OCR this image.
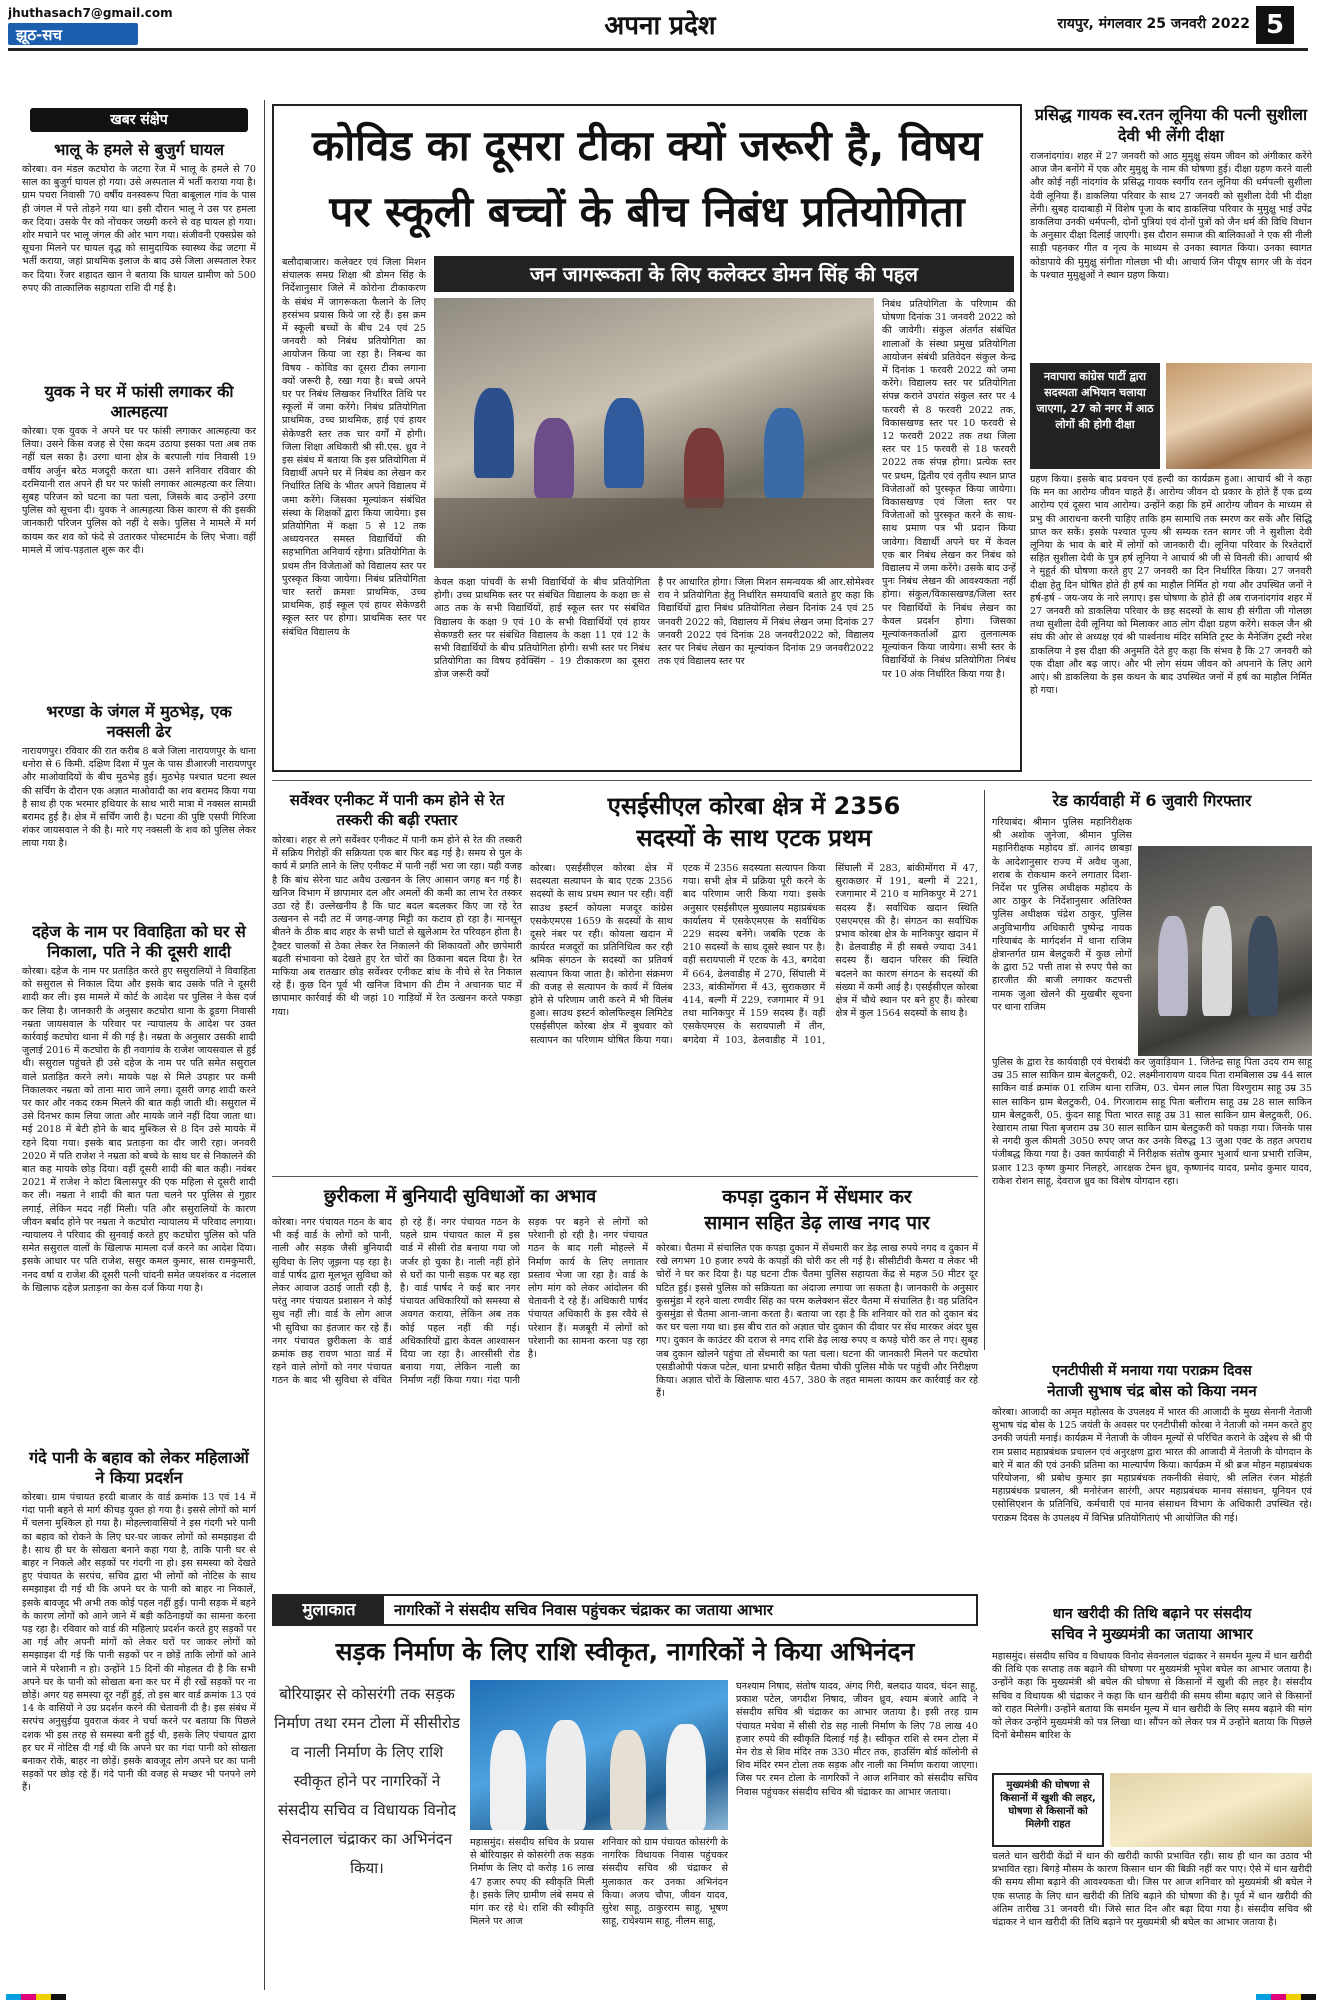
jhuthasach7@gmail.com
झूठ-सच	अपना प्रदेश	रायपुर, मंगलवार 25 जनवरी 2022 5
खबर संक्षेप
भालू के हमले से बुजुर्ग घायल
कोरबा। वन मंडल कटघोरा के जटगा रेंज में भालू के हमले से 70 साल का बुजुर्ग घायल हो गया। उसे अस्पताल में भर्ती कराया गया है। ग्राम पचरा निवासी 70 वर्षीय वनस्वरूप पिता बाबूलाल गांव के पास ही जंगल में पत्ते तोड़ने गया था। इसी दौरान भालू ने उस पर हमला कर दिया। उसके पैर को नोंचकर जख्मी करने से वह घायल हो गया। शोर मचाने पर भालू जंगल की ओर भाग गया। संजीवनी एक्सप्रेस को सूचना मिलने पर घायल वृद्ध को सामुदायिक स्वास्थ्य केंद्र जटगा में भर्ती कराया, जहां प्राथमिक इलाज के बाद उसे जिला अस्पताल रेफर कर दिया। रेंजर शहादत खान ने बताया कि घायल ग्रामीण को 500 रुपए की तात्कालिक सहायता राशि दी गई है।
युवक ने घर में फांसी लगाकर की आत्महत्या
कोरबा। एक युवक ने अपने घर पर फांसी लगाकर आत्महत्या कर लिया। उसने किस वजह से ऐसा कदम उठाया इसका पता अब तक नहीं चल सका है। उरगा थाना क्षेत्र के बरपाली गांव निवासी 19 वर्षीय अर्जुन बरेठ मजदूरी करता था। उसने शनिवार रविवार की दरमियानी रात अपने ही घर पर फांसी लगाकर आत्महत्या कर लिया। सुबह परिजन को घटना का पता चला, जिसके बाद उन्होंने उरगा पुलिस को सूचना दी। युवक ने आत्महत्या किस कारण से की इसकी जानकारी परिजन पुलिस को नहीं दे सके। पुलिस ने मामले में मर्ग कायम कर शव को फंदे से उतारकर पोस्टमार्टम के लिए भेजा। वहीं मामले में जांच-पड़ताल शुरू कर दी।
भरण्डा के जंगल में मुठभेड़, एक नक्सली ढेर
नारायणपुर। रविवार की रात करीब 8 बजे जिला नारायणपुर के थाना धनोरा से 6 किमी. दक्षिण दिशा में पुल के पास डीआरजी नारायणपुर और माओवादियों के बीच मुठभेड़ हुई। मुठभेड़ पश्चात घटना स्थल की सर्चिंग के दौरान एक अज्ञात माओवादी का शव बरामद किया गया है साथ ही एक भरमार हथियार के साथ भारी मात्रा में नक्सल सामग्री बरामद हुई है। क्षेत्र में सर्चिंग जारी है। घटना की पुष्टि एसपी गिरिजा शंकर जायसवाल ने की है। मारे गए नक्सली के शव को पुलिस लेकर लाया गया है।
दहेज के नाम पर विवाहिता को घर से निकाला, पति ने की दूसरी शादी
कोरबा। दहेज के नाम पर प्रताड़ित करते हुए ससुरालियों ने विवाहिता को ससुराल से निकाल दिया और इसके बाद उसके पति ने दूसरी शादी कर ली। इस मामले में कोर्ट के आदेश पर पुलिस ने केस दर्ज कर लिया है। जानकारी के अनुसार कटघोरा थाना के डूडगा निवासी नम्रता जायसवाल के परिवार पर न्यायालय के आदेश पर उक्त कार्रवाई कटघोरा थाना में की गई है। नम्रता के अनुसार उसकी शादी जुलाई 2016 में कटघोरा के ही नवागांव के राजेश जायसवाल से हुई थी। ससुराल पहुंचते ही उसे दहेज के नाम पर पति समेत ससुराल वाले प्रताड़ित करने लगे। मायके पक्ष से मिले उपहार पर कमी निकालकर नम्रता को ताना मारा जाने लगा। दूसरी जगह शादी करने पर कार और नकद रकम मिलने की बात कही जाती थी। ससुराल में उसे दिनभर काम लिया जाता और मायके जाने नहीं दिया जाता था। मई 2018 में बेटी होने के बाद मुश्किल से 8 दिन उसे मायके में रहने दिया गया। इसके बाद प्रताड़ना का दौर जारी रहा। जनवरी 2020 में पति राजेश ने नम्रता को बच्चे के साथ घर से निकालने की बात कह मायके छोड़ दिया। वहीं दूसरी शादी की बात कही। नवंबर 2021 में राजेश ने कोटा बिलासपुर की एक महिला से दूसरी शादी कर ली। नम्रता ने शादी की बात पता चलने पर पुलिस से गुहार लगाई, लेकिन मदद नहीं मिली। पति और ससुरालियों के कारण जीवन बर्बाद होने पर नम्रता ने कटघोरा न्यायालय में परिवाद लगाया। न्यायालय ने परिवाद की सुनवाई करते हुए कटघोरा पुलिस को पति समेत ससुराल वालों के खिलाफ मामला दर्ज करने का आदेश दिया। इसके आधार पर पति राजेश, ससुर कमल कुमार, सास रामकुमारी, ननद वर्षा व राजेश की दूसरी पत्नी चांदनी समेत जयशंकर व नंदलाल के खिलाफ दहेज प्रताड़ना का केस दर्ज किया गया है।
गंदे पानी के बहाव को लेकर महिलाओं ने किया प्रदर्शन
कोरबा। ग्राम पंचायत हरदी बाजार के वार्ड क्रमांक 13 एवं 14 में गंदा पानी बहने से मार्ग कीचड़ युक्त हो गया है। इससे लोगों को मार्ग में चलना मुश्किल हो गया है। मोहल्लावासियों ने इस गंदगी भरे पानी का बहाव को रोकने के लिए घर-घर जाकर लोगों को समझाइश दी है। साथ ही घर के सोखता बनाने कहा गया है, ताकि पानी घर से बाहर न निकले और सड़कों पर गंदगी ना हो। इस समस्या को देखते हुए पंचायत के सरपंच, सचिव द्वारा भी लोगों को नोटिस के साथ समझाइश दी गई थी कि अपने घर के पानी को बाहर ना निकालें, इसके बावजूद भी अभी तक कोई पहल नहीं हुई। पानी सड़क में बहने के कारण लोगों को आने जाने में बड़ी कठिनाइयों का सामना करना पड़ रहा है। रविवार को वार्ड की महिलाएं प्रदर्शन करते हुए सड़कों पर आ गई और अपनी मांगों को लेकर घरों पर जाकर लोगों को समझाइश दी गई कि पानी सड़कों पर न छोड़ें ताकि लोगों को आने जाने में परेशानी न हो। उन्होंने 15 दिनों की मोहलत दी है कि सभी अपने घर के पानी को सोखता बना कर घर में ही रखें सड़कों पर ना छोड़ें। अगर यह समस्या दूर नहीं हुई, तो इस बार वार्ड क्रमांक 13 एवं 14 के वासियों ने उग्र प्रदर्शन करने की चेतावनी दी है। इस संबंध में सरपंच अनुसुईया युवराज कंवर ने चर्चा करने पर बताया कि पिछले दशक भी इस तरह से समस्या बनी हुई थी, इसके लिए पंचायत द्वारा हर घर में नोटिस दी गई थी कि अपने घर का गंदा पानी को सोखता बनाकर रोकें, बाहर ना छोड़ें। इसके बावजूद लोग अपने घर का पानी सड़कों पर छोड़ रहे हैं। गंदे पानी की वजह से मच्छर भी पनपने लगे हैं।
कोविड का दूसरा टीका क्यों जरूरी है, विषय
पर स्कूली बच्चों के बीच निबंध प्रतियोगिता
बलौदाबाजार। कलेक्टर एवं जिला मिशन संचालक समग्र शिक्षा श्री डोमन सिंह के निर्देशानुसार जिले में कोरोना टीकाकरण के संबंध में जागरूकता फैलाने के लिए हरसंभव प्रयास किये जा रहे हैं। इस क्रम में स्कूली बच्चों के बीच 24 एवं 25 जनवरी को निबंध प्रतियोगिता का आयोजन किया जा रहा है। निबन्ध का विषय - कोविड का दूसरा टीका लगाना क्यों जरूरी है, रखा गया है। बच्चे अपने घर पर निबंध लिखकर निर्धारित तिथि पर स्कूलों में जमा करेंगे। निबंध प्रतियोगिता प्राथमिक, उच्च प्राथमिक, हाई एवं हायर सेकेण्डरी स्तर तक चार वर्गों में होगी। जिला शिक्षा अधिकारी श्री सी.एस. ध्रुव ने इस संबंध में बताया कि इस प्रतियोगिता में विद्यार्थी अपने घर में निबंध का लेखन कर निर्धारित तिथि के भीतर अपने विद्यालय में जमा करेंगे। जिसका मूल्यांकन संबंधित संस्था के शिक्षकों द्वारा किया जायेगा। इस प्रतियोगिता में कक्षा 5 से 12 तक अध्ययनरत समस्त विद्यार्थियों की सहभागिता अनिवार्य रहेगा। प्रतियोगिता के प्रथम तीन विजेताओं को विद्यालय स्तर पर पुरस्कृत किया जायेगा। निबंध प्रतियोगिता चार स्तरों क्रमशः प्राथमिक, उच्च प्राथमिक, हाई स्कूल एवं हायर सेकेण्डरी स्कूल स्तर पर होगा। प्राथमिक स्तर पर संबंधित विद्यालय के
जन जागरूकता के लिए कलेक्टर डोमन सिंह की पहल
निबंध प्रतियोगिता के परिणाम की घोषणा दिनांक 31 जनवरी 2022 को की जावेगी। संकुल अंतर्गत संबंधित शालाओं के संस्था प्रमुख प्रतियोगिता आयोजन संबंधी प्रतिवेदन संकुल केन्द्र में दिनांक 1 फरवरी 2022 को जमा करेंगे। विद्यालय स्तर पर प्रतियोगिता संपन्न कराने उपरांत संकुल स्तर पर 4 फरवरी से 8 फरवरी 2022 तक, विकासखण्ड स्तर पर 10 फरवरी से 12 फरवरी 2022 तक तथा जिला स्तर पर 15 फरवरी से 18 फरवरी 2022 तक संपन्न होगा। प्रत्येक स्तर पर प्रथम, द्वितीय एवं तृतीय स्थान प्राप्त विजेताओं को पुरस्कृत किया जायेगा। विकासखण्ड एवं जिला स्तर पर विजेताओं को पुरस्कृत करने के साथ-साथ प्रमाण पत्र भी प्रदान किया जावेगा। विद्यार्थी अपने घर में केवल एक बार निबंध लेखन कर निबंध को विद्यालय में जमा करेंगे। उसके बाद उन्हें पुनः निबंध लेखन की आवश्यकता नहीं होगा। संकुल/विकासखण्ड/जिला स्तर पर विद्यार्थियों के निबंध लेखन का केवल प्रदर्शन होगा। जिसका मूल्यांकनकर्ताओं द्वारा तुलनात्मक मूल्यांकन किया जायेगा। सभी स्तर के विद्यार्थियों के निबंध प्रतियोगिता निबंध पर 10 अंक निर्धारित किया गया है।
केवल कक्षा पांचवीं के सभी विद्यार्थियों के बीच प्रतियोगिता होगी। उच्च प्राथमिक स्तर पर संबंधित विद्यालय के कक्षा छः से आठ तक के सभी विद्यार्थियों, हाई स्कूल स्तर पर संबंधित विद्यालय के कक्षा 9 एवं 10 के सभी विद्यार्थियों एवं हायर सेकण्डरी स्तर पर संबंधित विद्यालय के कक्षा 11 एवं 12 के सभी विद्यार्थियों के बीच प्रतियोगिता होगी। सभी स्तर पर निबंध प्रतियोगिता का विषय हवेक्सिंग - 19 टीकाकरण का दूसरा डोज जरूरी क्यों
है पर आधारित होगा। जिला मिशन समन्वयक श्री आर.सोमेश्वर राव ने प्रतियोगिता हेतु निर्धारित समयावधि बताते हुए कहा कि विद्यार्थियों द्वारा निबंध प्रतियोगिता लेखन दिनांक 24 एवं 25 जनवरी 2022 को, विद्यालय में निबंध लेखन जमा दिनांक 27 जनवरी 2022 एवं दिनांक 28 जनवरी2022 को, विद्यालय स्तर पर निबंध लेखन का मूल्यांकन दिनांक 29 जनवरी2022 तक एवं विद्यालय स्तर पर
प्रसिद्ध गायक स्व.रतन लूनिया की पत्नी सुशीला देवी भी लेंगी दीक्षा
राजनांदगांव। शहर में 27 जनवरी को आठ मुमुक्षु संयम जीवन को अंगीकार करेंगे आज जैन बनोंगे में एक और मुमुक्षु के नाम की घोषणा हुई। दीक्षा ग्रहण करने वाली और कोई नहीं नांदगांव के प्रसिद्ध गायक स्वर्गीय रतन लूनिया की धर्मपत्नी सुशीला देवी लूनिया हैं। डाकलिया परिवार के साथ 27 जनवरी को सुशीला देवी भी दीक्षा लेंगी। सुबह दादाबाड़ी में विशेष पूजा के बाद डाकलिया परिवार के मुमुक्षु भाई उपेंद्र डाकलिया उनकी धर्मपत्नी, दोनों पुत्रियां एवं दोनों पुत्रों को जैन धर्म की विधि विधान के अनुसार दीक्षा दिलाई जाएगी। इस दौरान समाज की बालिकाओं ने एक सी नीली साड़ी पहनकर गीत व नृत्य के माध्यम से उनका स्वागत किया। उनका स्वागत कोडापाये की मुमुक्षु संगीता गोलछा भी थी। आचार्य जिन पीयूष सागर जी के वंदन के पश्चात मुमुक्षुओं ने स्थान ग्रहण किया।
नवापारा कांग्रेस पार्टी द्वारा सदस्यता अभियान चलाया जाएगा, 27 को नगर में आठ लोगों की होगी दीक्षा
ग्रहण किया। इसके बाद प्रवचन एवं हल्दी का कार्यक्रम हुआ। आचार्य श्री ने कहा कि मन का आरोग्य जीवन चाहते हैं। आरोग्य जीवन दो प्रकार के होते हैं एक द्रव्य आरोग्य एवं दूसरा भाव आरोग्य। उन्होंने कहा कि हमें आरोग्य जीवन के माध्यम से प्रभु की आराधना करनी चाहिए ताकि हम सामाधि तक स्मरण कर सकें और सिद्धि प्राप्त कर सकें। इसके पश्चात पूज्य श्री सम्यक रतन सागर जी ने सुशीला देवी लूनिया के भाव के बारे में लोगों को जानकारी दी। लूनिया परिवार के रिश्तेदारों सहित सुशीला देवी के पुत्र हर्ष लूनिया ने आचार्य श्री जी से विनती की। आचार्य श्री ने मुहूर्त की घोषणा करते हुए 27 जनवरी का दिन निर्धारित किया। 27 जनवरी दीक्षा हेतु दिन घोषित होते ही हर्ष का माहौल निर्मित हो गया और उपस्थित जनों ने हर्ष-हर्ष - जय-जय के नारे लगाए। इस घोषणा के होते ही अब राजनांदगांव शहर में 27 जनवरी को डाकलिया परिवार के छह सदस्यों के साथ ही संगीता जी गोलछा तथा सुशीला देवी लूनिया को मिलाकर आठ लोग दीक्षा ग्रहण करेंगे। सकल जैन श्री संघ की ओर से अध्यक्ष एवं श्री पार्श्वनाथ मंदिर समिति ट्रस्ट के मैनेजिंग ट्रस्टी नरेश डाकलिया ने इस दीक्षा की अनुमति देते हुए कहा कि संभव है कि 27 जनवरी को एक दीक्षा और बढ़ जाए। और भी लोग संयम जीवन को अपनाने के लिए आगे आएं। श्री डाकलिया के इस कथन के बाद उपस्थित जनों में हर्ष का माहौल निर्मित हो गया।
सर्वेश्वर एनीकट में पानी कम होने से रेत तस्करी की बढ़ी रफ्तार
कोरबा। शहर से लगे सर्वेश्वर एनीकट में पानी कम होने से रेत की तस्करी में सक्रिय गिरोहों की सक्रियता एक बार फिर बढ़ गई है। समय से पुल के कार्य में प्रगति लाने के लिए एनीकट में पानी नहीं भरा जा रहा। यही वजह है कि बांध सेरेना घाट अवैध उत्खनन के लिए आसान जगह बन गई है। खनिज विभाग में छापामार दल और अमलों की कमी का लाभ रेत तस्कर उठा रहे हैं। उल्लेखनीय है कि घाट बदल बदलकर किए जा रहे रेत उत्खनन से नदी तट में जगह-जगह मिट्टी का कटाव हो रहा है। मानसून बीतने के ठीक बाद शहर के सभी घाटों से खुलेआम रेत परिवहन होता है। ट्रैक्टर चालकों से ठेका लेकर रेत निकालने की शिकायतों और छापेमारी बढ़ती संभावना को देखते हुए रेत चोरों का ठिकाना बदल दिया है। रेत माफिया अब रातखार छोड़ सर्वेश्वर एनीकट बांध के नीचे से रेत निकाल रहे हैं। कुछ दिन पूर्व भी खनिज विभाग की टीम ने अचानक घाट में छापामार कार्रवाई की थी जहां 10 गाड़ियों में रेत उत्खनन करते पकड़ा गया।
एसईसीएल कोरबा क्षेत्र में 2356
सदस्यों के साथ एटक प्रथम
कोरबा। एसईसीएल कोरबा क्षेत्र में सदस्यता सत्यापन के बाद एटक 2356 सदस्यों के साथ प्रथम स्थान पर रही। वहीं साउथ इस्टर्न कोयला मजदूर कांग्रेस एसकेएमएस 1659 के सदस्यों के साथ दूसरे नंबर पर रही। कोयला खदान में कार्यरत मजदूरों का प्रतिनिधित्व कर रही श्रमिक संगठन के सदस्यों का प्रतिवर्ष सत्यापन किया जाता है। कोरोना संक्रमण की वजह से सत्यापन के कार्य में विलंब होने से परिणाम जारी करने में भी विलंब हुआ। साउथ इस्टर्न कोलफिल्ड्स लिमिटेड एसईसीएल कोरबा क्षेत्र में बुधवार को सत्यापन का परिणाम घोषित किया गया। एटक में 2356 सदस्यता सत्यापन किया गया। सभी क्षेत्र में प्रक्रिया पूरी करने के बाद परिणाम जारी किया गया। इसके अनुसार एसईसीएल मुख्यालय महाप्रबंधक कार्यालय में एसकेएमएस के सर्वाधिक 229 सदस्य बनेंगे। जबकि एटक के 210 सदस्यों के साथ दूसरे स्थान पर है। वहीं सरायपाली में एटक के 43, बगदेवा में 664, ढेलवाडीह में 270, सिंघाली में 233, बांकीमोंगरा में 43, सुराकछार में 414, बल्गी में 229, रजगामार में 91 तथा मानिकपुर में 159 सदस्य हैं। वहीं एसकेएमएस के सरायपाली में तीन, बगदेवा में 103, ढेलवाडीह में 101, सिंघाली में 283, बांकीमोंगरा में 47, सुराकछार में 191, बल्गी में 221, रजगामार में 210 व मानिकपुर में 271 सदस्य हैं। सर्वाधिक खदान स्थिति एसएमएस की है। संगठन का सर्वाधिक प्रभाव कोरबा क्षेत्र के मानिकपुर खदान में है। ढेलवाडीह में ही सबसे ज्यादा 341 सदस्य हैं। खदान परिसर की स्थिति बदलने का कारण संगठन के सदस्यों की संख्या में कमी आई है। एसईसीएल कोरबा क्षेत्र में चौथे स्थान पर बने हुए हैं। कोरबा क्षेत्र में कुल 1564 सदस्यों के साथ है।
रेड कार्यवाही में 6 जुवारी गिरफ्तार
गरियाबंद। श्रीमान पुलिस महानिरीक्षक श्री अशोक जुनेजा, श्रीमान पुलिस महानिरीक्षक महोदय डॉ. आनंद छाबड़ा के आदेशानुसार राज्य में अवैध जुआ, शराब के रोकथाम करने लगातार दिशा-निर्देश पर पुलिस अधीक्षक महोदय के आर ठाकुर के निर्देशानुसार अतिरिक्त पुलिस अधीक्षक चंद्रेश ठाकुर, पुलिस अनुविभागीय अधिकारी पुष्पेन्द्र नायक गरियाबंद के मार्गदर्शन में थाना राजिम क्षेत्रान्तर्गत ग्राम बेलटुकरी में कुछ लोगों के द्वारा 52 पत्ती ताश से रुपए पैसे का हारजीत की बाजी लगाकर कटपत्ती नामक जुआ खेलने की मुखबीर सूचना पर थाना राजिम
पुलिस के द्वारा रेड कार्यवाही एवं घेराबंदी कर जुवाड़ियान 1. जितेन्द्र साहू पिता उदय राम साहू उम्र 35 साल साकिन ग्राम बेलटुकरी, 02. लक्ष्मीनारायण यादव पिता रामबिलास उम्र 44 साल साकिन वार्ड क्रमांक 01 राजिम थाना राजिम, 03. चेमन लाल पिता विश्णुराम साहू उम्र 35 साल साकिन ग्राम बेलटुकरी, 04. गिरजाराम साहू पिता बलीराम साहू उम्र 28 साल साकिन ग्राम बेलटुकरी, 05. कुंदन साहू पिता भारत साहू उम्र 31 साल साकिन ग्राम बेलटुकरी, 06. रेखाराम ताम्रा पिता बृजराम उम्र 30 साल साकिन ग्राम बेलटुकरी को पकड़ा गया। जिनके पास से नगदी कुल कीमती 3050 रुपए जप्त कर उनके विरुद्ध 13 जुआ एक्ट के तहत अपराध पंजीबद्ध किया गया है। उक्त कार्यवाही में निरीक्षक संतोष कुमार भुआर्य थाना प्रभारी राजिम, प्रआर 123 कृष्ण कुमार निलहरे, आरक्षक टेमन ध्रुव, कृष्णानंद यादव, प्रमोद कुमार यादव, राकेश रोशन साहू, देवराज ध्रुव का विशेष योगदान रहा।
छुरीकला में बुनियादी सुविधाओं का अभाव
कोरबा। नगर पंचायत गठन के बाद भी कई वार्ड के लोगों को पानी, नाली और सड़क जैसी बुनियादी सुविधा के लिए जूझना पड़ रहा है। वार्ड पार्षद द्वारा मूलभूत सुविधा को लेकर आवाज उठाई जाती रही है, परंतु नगर पंचायत प्रशासन ने कोई सुध नहीं ली। वार्ड के लोग आज भी सुविधा का इंतजार कर रहे हैं। नगर पंचायत छुरीकला के वार्ड क्रमांक छह रावण भाठा वार्ड में रहने वाले लोगों को नगर पंचायत गठन के बाद भी सुविधा से वंचित हो रहे हैं। नगर पंचायत गठन के पहले ग्राम पंचायत काल में इस वार्ड में सीसी रोड बनाया गया जो जर्जर हो चुका है। नाली नहीं होने से घरों का पानी सड़क पर बह रहा है। वार्ड पार्षद ने कई बार नगर पंचायत अधिकारियों को समस्या से अवगत कराया, लेकिन अब तक कोई पहल नहीं की गई। अधिकारियों द्वारा केवल आश्वासन दिया जा रहा है। आरसीसी रोड बनाया गया, लेकिन नाली का निर्माण नहीं किया गया। गंदा पानी सड़क पर बहने से लोगों को परेशानी हो रही है। नगर पंचायत गठन के बाद गली मोहल्ले में निर्माण कार्य के लिए लगातार प्रस्ताव भेजा जा रहा है। वार्ड के लोग मांग को लेकर आंदोलन की चेतावनी दे रहे हैं। अधिकारी पार्षद पंचायत अधिकारी के इस रवैये से परेशान हैं। मजबूरी में लोगों को परेशानी का सामना करना पड़ रहा है।
कपड़ा दुकान में सेंधमार कर
सामान सहित डेढ़ लाख नगद पार
कोरबा। चैतमा में संचालित एक कपड़ा दुकान में सेंधमारी कर डेढ़ लाख रुपये नगद व दुकान में रखे लगभग 10 हजार रुपये के कपड़ों की चोरी कर ली गई है। सीसीटीवी कैमरा व लेकर भी चोरों ने घर कर दिया है। यह घटना टीक चैतमा पुलिस सहायता केंद्र से महज 50 मीटर दूर घटित हुई। इससे पुलिस को सक्रियता का अंदाजा लगाया जा सकता है। जानकारी के अनुसार कुसमुंडा में रहने वाला रणवीर सिंह का परम कलेक्शन सेंटर चैतमा में संचालित है। वह प्रतिदिन कुसमुंडा से चैतमा आना-जाना करता है। बताया जा रहा है कि शनिवार को रात को दुकान बंद कर घर चला गया था। इस बीच रात को अज्ञात चोर दुकान की दीवार पर सेंध मारकर अंदर घुस गए। दुकान के काउंटर की दराज से नगद राशि डेढ़ लाख रुपए व कपड़े चोरी कर ले गए। सुबह जब दुकान खोलने पहुंचा तो सेंधमारी का पता चला। घटना की जानकारी मिलने पर कटघोरा एसडीओपी पंकज पटेल, थाना प्रभारी सहित चैतमा चौकी पुलिस मौके पर पहुंची और निरीक्षण किया। अज्ञात चोरों के खिलाफ धारा 457, 380 के तहत मामला कायम कर कार्रवाई कर रहे हैं।
एनटीपीसी में मनाया गया पराक्रम दिवस
नेताजी सुभाष चंद्र बोस को किया नमन
कोरबा। आजादी का अमृत महोत्सव के उपलक्ष्य में भारत की आजादी के मुख्य सेनानी नेताजी सुभाष चंद्र बोस के 125 जयंती के अवसर पर एनटीपीसी कोरबा ने नेताजी को नमन करते हुए उनकी जयंती मनाई। कार्यक्रम में नेताजी के जीवन मूल्यों से परिचित कराने के उद्देश्य से श्री पी राम प्रसाद महाप्रबंधक प्रचालन एवं अनुरक्षण द्वारा भारत की आजादी में नेताजी के योगदान के बारे में बात की एवं उनकी प्रतिमा का माल्यार्पण किया। कार्यक्रम में श्री ब्रज मोहन महाप्रबंधक परियोजना, श्री प्रबोध कुमार झा महाप्रबंधक तकनीकी सेवाएं, श्री ललित रंजन मोहंती महाप्रबंधक प्रचालन, श्री मनोरंजन सारंगी, अपर महाप्रबंधक मानव संसाधन, यूनियन एवं एसोसिएशन के प्रतिनिधि, कर्मचारी एवं मानव संसाधन विभाग के अधिकारी उपस्थित रहे। पराक्रम दिवस के उपलक्ष्य में विभिन्न प्रतियोगिताएं भी आयोजित की गई।
धान खरीदी की तिथि बढ़ाने पर संसदीय
सचिव ने मुख्यमंत्री का जताया आभार
महासमुंद। संसदीय सचिव व विधायक विनोद सेवनलाल चंद्राकर ने समर्थन मूल्य में धान खरीदी की तिथि एक सप्ताह तक बढ़ाने की घोषणा पर मुख्यमंत्री भूपेश बघेल का आभार जताया है। उन्होंने कहा कि मुख्यमंत्री श्री बघेल की घोषणा से किसानों में खुशी की लहर है। संसदीय सचिव व विधायक श्री चंद्राकर ने कहा कि धान खरीदी की समय सीमा बढ़ाए जाने से किसानों को राहत मिलेगी। उन्होंने बताया कि समर्थन मूल्य में धान खरीदी के लिए समय बढ़ाने की मांग को लेकर उन्होंने मुख्यमंत्री को पत्र लिखा था। सौंपन को लेकर पत्र में उन्होंने बताया कि पिछले दिनों बेमौसम बारिश के
मुख्यमंत्री की घोषणा से किसानों में खुशी की लहर, घोषणा से किसानों को मिलेगी राहत
चलते धान खरीदी केंद्रों में धान की खरीदी काफी प्रभावित रही। साथ ही धान का उठाव भी प्रभावित रहा। बिगड़े मौसम के कारण किसान धान की बिक्री नहीं कर पाए। ऐसे में धान खरीदी की समय सीमा बढ़ाने की आवश्यकता थी। जिस पर आज शनिवार को मुख्यमंत्री श्री बघेल ने एक सप्ताह के लिए धान खरीदी की तिथि बढ़ाने की घोषणा की है। पूर्व में धान खरीदी की अंतिम तारीख 31 जनवरी थी। जिसे सात दिन और बढ़ा दिया गया है। संसदीय सचिव श्री चंद्राकर ने धान खरीदी की तिथि बढ़ाने पर मुख्यमंत्री श्री बघेल का आभार जताया है।
मुलाकात	नागरिकों ने संसदीय सचिव निवास पहुंचकर चंद्राकर का जताया आभार
सड़क निर्माण के लिए राशि स्वीकृत, नागरिकों ने किया अभिनंदन
बोरियाझर से कोसरंगी तक सड़क निर्माण तथा रमन टोला में सीसीरोड व नाली निर्माण के लिए राशि स्वीकृत होने पर नागरिकों ने संसदीय सचिव व विधायक विनोद सेवनलाल चंद्राकर का अभिनंदन किया।
महासमुंद। संसदीय सचिव के प्रयास से बोरियाझर से कोसरंगी तक सड़क निर्माण के लिए दो करोड़ 16 लाख 47 हजार रुपए की स्वीकृति मिली है। इसके लिए ग्रामीण लंबे समय से मांग कर रहे थे। राशि की स्वीकृति मिलने पर आज
शनिवार को ग्राम पंचायत कोसरंगी के नागरिक विधायक निवास पहुंचकर संसदीय सचिव श्री चंद्राकर से मुलाकात कर उनका अभिनंदन किया। अजय चौपा, जीवन यादव, सुरेश साहू, ठाकुरराम साहू, भूषण साहू, राधेश्याम साहू, नीलम साहू,
घनश्याम निषाद, संतोष यादव, अंगद गिरी, बलदाउ यादव, चंदन साहू, प्रकाश पटेल, जगदीश निषाद, जीवन ध्रुव, श्याम बंजारे आदि ने संसदीय सचिव श्री चंद्राकर का आभार जताया है। इसी तरह ग्राम पंचायत मचेवा में सीसी रोड सह नाली निर्माण के लिए 78 लाख 40 हजार रुपये की स्वीकृति दिलाई गई है। स्वीकृत राशि से रमन टोला में मेन रोड से शिव मंदिर तक 330 मीटर तक, हाउसिंग बोर्ड कॉलोनी से शिव मंदिर रमन टोला तक सड़क और नाली का निर्माण कराया जाएगा। जिस पर रमन टोला के नागरिकों ने आज शनिवार को संसदीय सचिव निवास पहुंचकर संसदीय सचिव श्री चंद्राकर का आभार जताया।
